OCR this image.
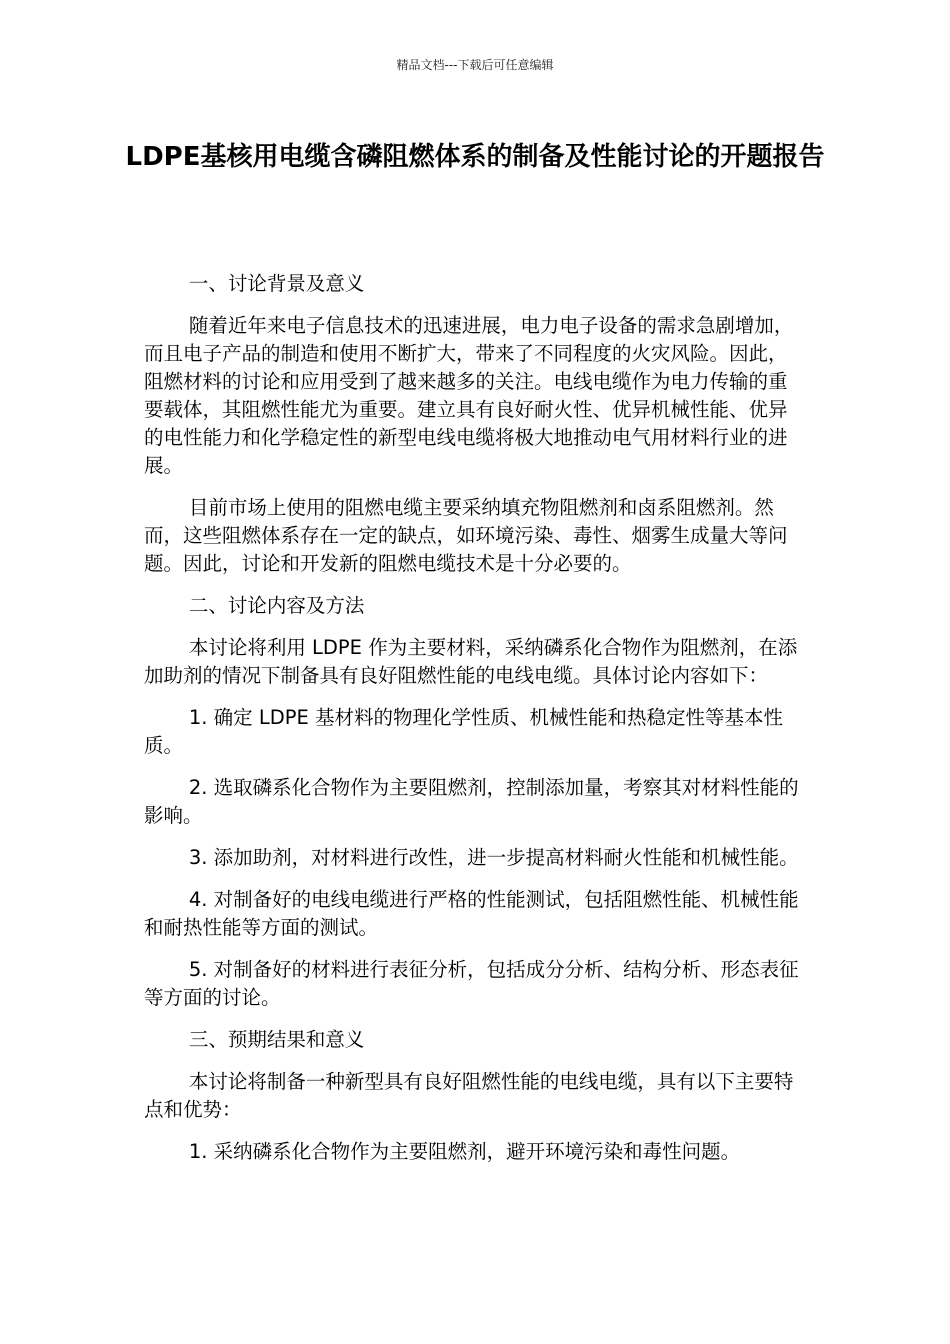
精品文档---下载后可任意编辑
LDPE基核用电缆含磷阻燃体系的制备及性能讨论的开题报告

一、讨论背景及意义

随着近年来电子信息技术的迅速进展，电力电子设备的需求急剧增加，而且电子产品的制造和使用不断扩大，带来了不同程度的火灾风险。因此，阻燃材料的讨论和应用受到了越来越多的关注。电线电缆作为电力传输的重要载体，其阻燃性能尤为重要。建立具有良好耐火性、优异机械性能、优异的电性能力和化学稳定性的新型电线电缆将极大地推动电气用材料行业的进展。

目前市场上使用的阻燃电缆主要采纳填充物阻燃剂和卤系阻燃剂。然而，这些阻燃体系存在一定的缺点，如环境污染、毒性、烟雾生成量大等问题。因此，讨论和开发新的阻燃电缆技术是十分必要的。

二、讨论内容及方法

本讨论将利用 LDPE 作为主要材料，采纳磷系化合物作为阻燃剂，在添加助剂的情况下制备具有良好阻燃性能的电线电缆。具体讨论内容如下：

1. 确定 LDPE 基材料的物理化学性质、机械性能和热稳定性等基本性质。

2. 选取磷系化合物作为主要阻燃剂，控制添加量，考察其对材料性能的影响。

3. 添加助剂，对材料进行改性，进一步提高材料耐火性能和机械性能。

4. 对制备好的电线电缆进行严格的性能测试，包括阻燃性能、机械性能和耐热性能等方面的测试。

5. 对制备好的材料进行表征分析，包括成分分析、结构分析、形态表征等方面的讨论。

三、预期结果和意义

本讨论将制备一种新型具有良好阻燃性能的电线电缆，具有以下主要特点和优势：

1. 采纳磷系化合物作为主要阻燃剂，避开环境污染和毒性问题。
